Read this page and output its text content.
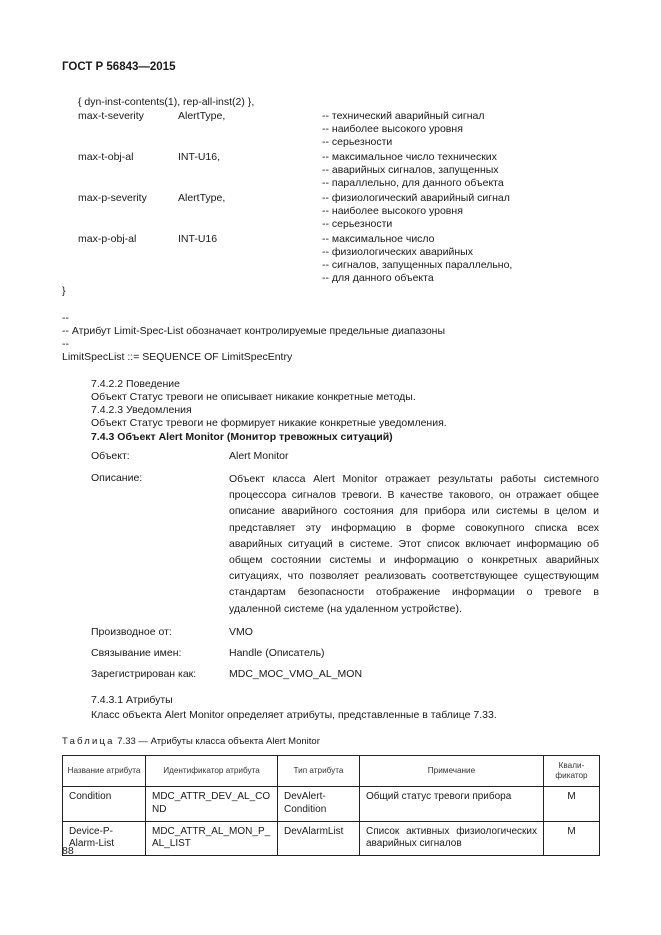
ГОСТ Р 56843—2015
{ dyn-inst-contents(1), rep-all-inst(2) },
max-t-severity	AlertType,	-- технический аварийный сигнал
-- наиболее высокого уровня
-- серьезности
max-t-obj-al	INT-U16,	-- максимальное число технических
-- аварийных сигналов, запущенных
-- параллельно, для данного объекта
max-p-severity	AlertType,	-- физиологический аварийный сигнал
-- наиболее высокого уровня
-- серьезности
max-p-obj-al	INT-U16	-- максимальное число
-- физиологических аварийных
-- сигналов, запущенных параллельно,
-- для данного объекта
}
--
-- Атрибут Limit-Spec-List обозначает контролируемые предельные диапазоны
--
LimitSpecList ::= SEQUENCE OF LimitSpecEntry
7.4.2.2 Поведение
Объект Статус тревоги не описывает никакие конкретные методы.
7.4.2.3 Уведомления
Объект Статус тревоги не формирует никакие конкретные уведомления.
7.4.3 Объект Alert Monitor (Монитор тревожных ситуаций)
Объект:	Alert Monitor
Описание:	Объект класса Alert Monitor отражает результаты работы системного процессора сигналов тревоги. В качестве такового, он отражает общее описание аварийного состояния для прибора или системы в целом и представляет эту информацию в форме совокупного списка всех аварийных ситуаций в системе. Этот список включает информацию об общем состоянии системы и информацию о конкретных аварийных ситуациях, что позволяет реализовать соответствующее существующим стандартам безопасности отображение информации о тревоге в удаленной системе (на удаленном устройстве).
Производное от:	VMO
Связывание имен:	Handle (Описатель)
Зарегистрирован как:	MDC_MOC_VMO_AL_MON
7.4.3.1 Атрибуты
Класс объекта Alert Monitor определяет атрибуты, представленные в таблице 7.33.
Таблица 7.33 — Атрибуты класса объекта Alert Monitor
Название атрибута	Идентификатор атрибута	Тип атрибута	Примечание	Квали-фикатор
Condition	MDC_ATTR_DEV_AL_COND	DevAlert-Condition	Общий статус тревоги прибора	M
Device-P-Alarm-List	MDC_ATTR_AL_MON_P_AL_LIST	DevAlarmList	Список активных физиологических аварийных сигналов	M
88
